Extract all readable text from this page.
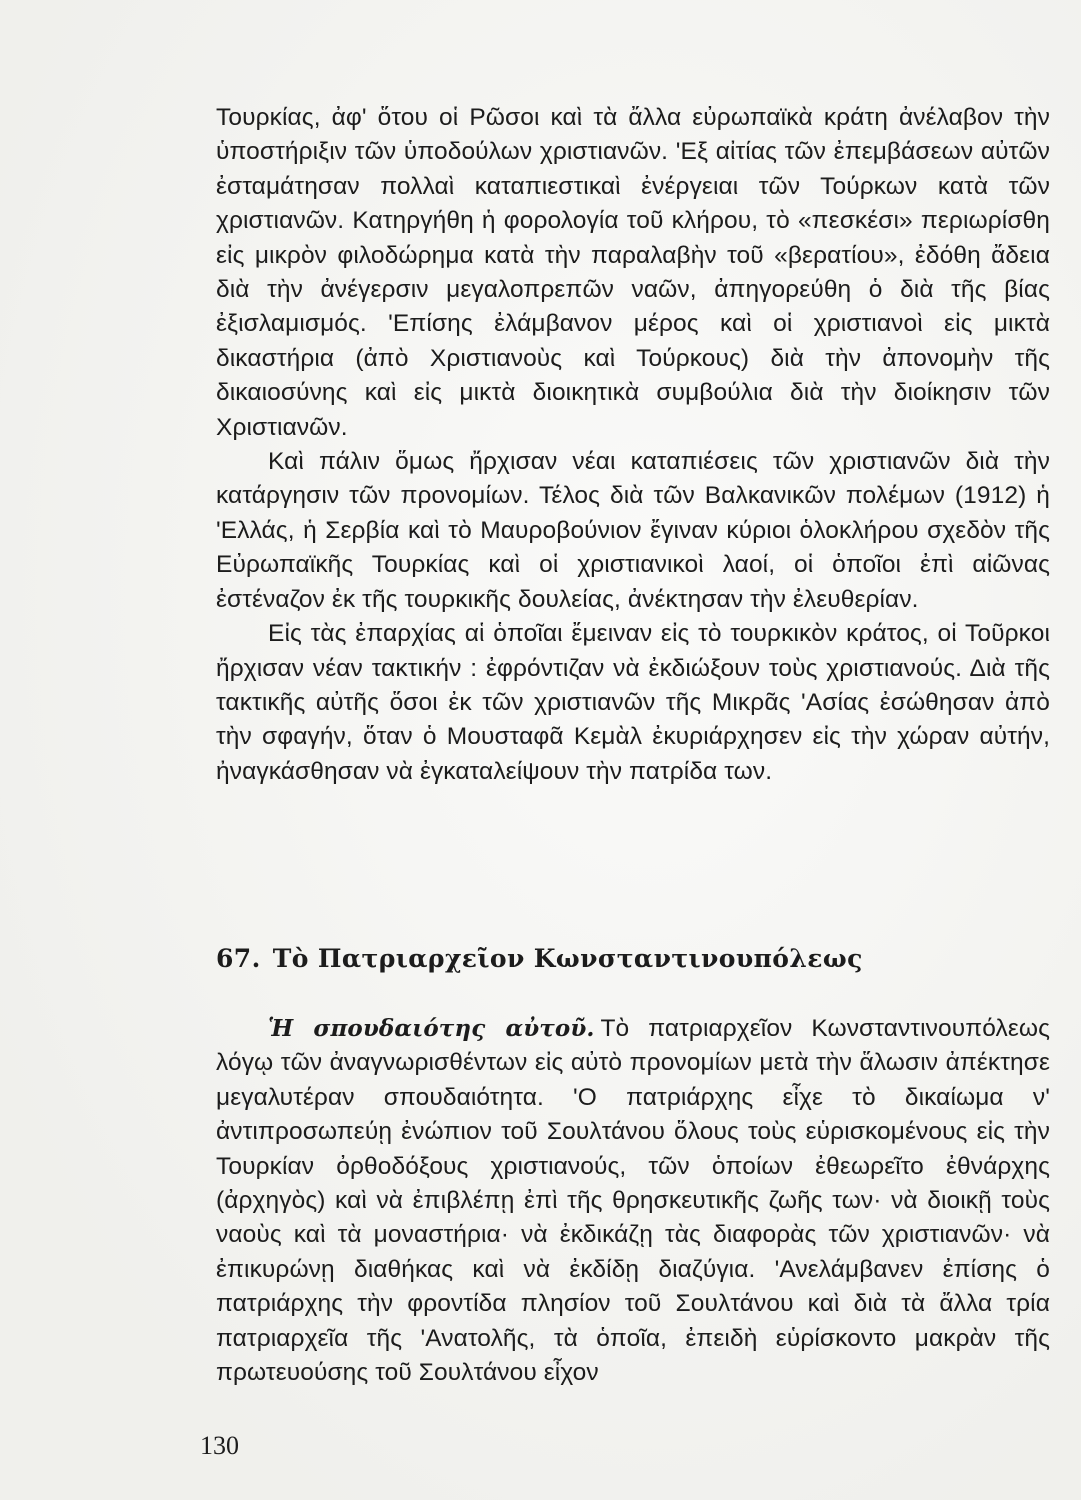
Τουρκίας, ἀφ' ὅτου οἱ Ρῶσοι καὶ τὰ ἄλλα εὐρωπαϊκὰ κράτη ἀνέλαβον τὴν ὑποστήριξιν τῶν ὑποδούλων χριστιανῶν. 'Εξ αἰτίας τῶν ἐπεμβάσεων αὐτῶν ἐσταμάτησαν πολλαὶ καταπιεστικαὶ ἐνέργειαι τῶν Τούρκων κατὰ τῶν χριστιανῶν. Κατηργήθη ἡ φορολογία τοῦ κλήρου, τὸ «πεσκέσι» περιωρίσθη εἰς μικρὸν φιλοδώρημα κατὰ τὴν παραλαβὴν τοῦ «βερατίου», ἐδόθη ἄδεια διὰ τὴν ἀνέγερσιν μεγαλοπρεπῶν ναῶν, ἀπηγορεύθη ὁ διὰ τῆς βίας ἐξισλαμισμός. 'Επίσης ἐλάμβανον μέρος καὶ οἱ χριστιανοὶ εἰς μικτὰ δικαστήρια (ἀπὸ Χριστιανοὺς καὶ Τούρκους) διὰ τὴν ἀπονομὴν τῆς δικαιοσύνης καὶ εἰς μικτὰ διοικητικὰ συμβούλια διὰ τὴν διοίκησιν τῶν Χριστιανῶν.

Καὶ πάλιν ὅμως ἤρχισαν νέαι καταπιέσεις τῶν χριστιανῶν διὰ τὴν κατάργησιν τῶν προνομίων. Τέλος διὰ τῶν Βαλκανικῶν πολέμων (1912) ἡ 'Ελλάς, ἡ Σερβία καὶ τὸ Μαυροβούνιον ἔγιναν κύριοι ὁλοκλήρου σχεδὸν τῆς Εὐρωπαϊκῆς Τουρκίας καὶ οἱ χριστιανικοὶ λαοί, οἱ ὁποῖοι ἐπὶ αἰῶνας ἐστέναζον ἐκ τῆς τουρκικῆς δουλείας, ἀνέκτησαν τὴν ἐλευθερίαν.

Εἰς τὰς ἐπαρχίας αἱ ὁποῖαι ἔμειναν εἰς τὸ τουρκικὸν κράτος, οἱ Τοῦρκοι ἤρχισαν νέαν τακτικήν : ἐφρόντιζαν νὰ ἐκδιώξουν τοὺς χριστιανούς. Διὰ τῆς τακτικῆς αὐτῆς ὅσοι ἐκ τῶν χριστιανῶν τῆς Μικρᾶς 'Ασίας ἐσώθησαν ἀπὸ τὴν σφαγήν, ὅταν ὁ Μουσταφᾶ Κεμὰλ ἐκυριάρχησεν εἰς τὴν χώραν αὐτήν, ἠναγκάσθησαν νὰ ἐγκαταλείψουν τὴν πατρίδα των.

67. Τὸ Πατριαρχεῖον Κωνσταντινουπόλεως

Ἡ σπουδαιότης αὐτοῦ. Τὸ πατριαρχεῖον Κωνσταντινουπόλεως λόγῳ τῶν ἀναγνωρισθέντων εἰς αὐτὸ προνομίων μετὰ τὴν ἅλωσιν ἀπέκτησε μεγαλυτέραν σπουδαιότητα. 'Ο πατριάρχης εἶχε τὸ δικαίωμα ν' ἀντιπροσωπεύῃ ἐνώπιον τοῦ Σουλτάνου ὅλους τοὺς εὑρισκομένους εἰς τὴν Τουρκίαν ὀρθοδόξους χριστιανούς, τῶν ὁποίων ἐθεωρεῖτο ἐθνάρχης (ἀρχηγὸς) καὶ νὰ ἐπιβλέπῃ ἐπὶ τῆς θρησκευτικῆς ζωῆς των· νὰ διοικῇ τοὺς ναοὺς καὶ τὰ μοναστήρια· νὰ ἐκδικάζῃ τὰς διαφορὰς τῶν χριστιανῶν· νὰ ἐπικυρώνῃ διαθήκας καὶ νὰ ἐκδίδῃ διαζύγια. 'Ανελάμβανεν ἐπίσης ὁ πατριάρχης τὴν φροντίδα πλησίον τοῦ Σουλτάνου καὶ διὰ τὰ ἄλλα τρία πατριαρχεῖα τῆς 'Ανατολῆς, τὰ ὁποῖα, ἐπειδὴ εὑρίσκοντο μακρὰν τῆς πρωτευούσης τοῦ Σουλτάνου εἶχον

130
